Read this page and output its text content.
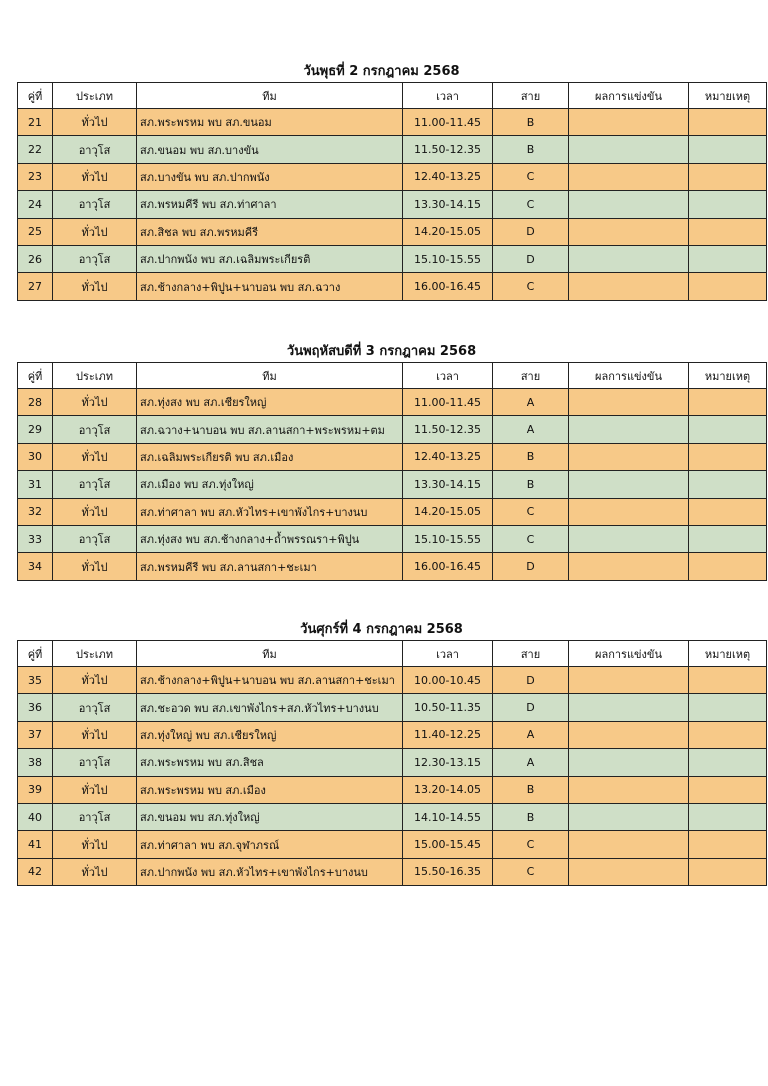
วันพุธที่ 2 กรกฎาคม 2568
คู่ที่	ประเภท	ทีม	เวลา	สาย	ผลการแข่งขัน	หมายเหตุ
21	ทั่วไป	สภ.พระพรหม พบ สภ.ขนอม	11.00-11.45	B		
22	อาวุโส	สภ.ขนอม พบ สภ.บางขัน	11.50-12.35	B		
23	ทั่วไป	สภ.บางขัน พบ สภ.ปากพนัง	12.40-13.25	C		
24	อาวุโส	สภ.พรหมคีรี พบ สภ.ท่าศาลา	13.30-14.15	C		
25	ทั่วไป	สภ.สิชล พบ สภ.พรหมคีรี	14.20-15.05	D		
26	อาวุโส	สภ.ปากพนัง พบ สภ.เฉลิมพระเกียรติ	15.10-15.55	D		
27	ทั่วไป	สภ.ช้างกลาง+พิปูน+นาบอน พบ สภ.ฉวาง	16.00-16.45	C		
วันพฤหัสบดีที่ 3 กรกฎาคม 2568
คู่ที่	ประเภท	ทีม	เวลา	สาย	ผลการแข่งขัน	หมายเหตุ
28	ทั่วไป	สภ.ทุ่งสง พบ สภ.เชียรใหญ่	11.00-11.45	A		
29	อาวุโส	สภ.ฉวาง+นาบอน พบ สภ.ลานสกา+พระพรหม+ตม	11.50-12.35	A		
30	ทั่วไป	สภ.เฉลิมพระเกียรติ พบ สภ.เมือง	12.40-13.25	B		
31	อาวุโส	สภ.เมือง พบ สภ.ทุ่งใหญ่	13.30-14.15	B		
32	ทั่วไป	สภ.ท่าศาลา พบ สภ.หัวไทร+เขาพังไกร+บางนบ	14.20-15.05	C		
33	อาวุโส	สภ.ทุ่งสง พบ สภ.ช้างกลาง+ถ้ำพรรณรา+พิปูน	15.10-15.55	C		
34	ทั่วไป	สภ.พรหมคีรี พบ สภ.ลานสกา+ชะเมา	16.00-16.45	D		
วันศุกร์ที่ 4 กรกฎาคม 2568
คู่ที่	ประเภท	ทีม	เวลา	สาย	ผลการแข่งขัน	หมายเหตุ
35	ทั่วไป	สภ.ช้างกลาง+พิปูน+นาบอน พบ สภ.ลานสกา+ชะเมา	10.00-10.45	D		
36	อาวุโส	สภ.ชะอวด พบ สภ.เขาพังไกร+สภ.หัวไทร+บางนบ	10.50-11.35	D		
37	ทั่วไป	สภ.ทุ่งใหญ่ พบ สภ.เชียรใหญ่	11.40-12.25	A		
38	อาวุโส	สภ.พระพรหม พบ สภ.สิชล	12.30-13.15	A		
39	ทั่วไป	สภ.พระพรหม พบ สภ.เมือง	13.20-14.05	B		
40	อาวุโส	สภ.ขนอม พบ สภ.ทุ่งใหญ่	14.10-14.55	B		
41	ทั่วไป	สภ.ท่าศาลา พบ สภ.จุฬาภรณ์	15.00-15.45	C		
42	ทั่วไป	สภ.ปากพนัง พบ สภ.หัวไทร+เขาพังไกร+บางนบ	15.50-16.35	C		
